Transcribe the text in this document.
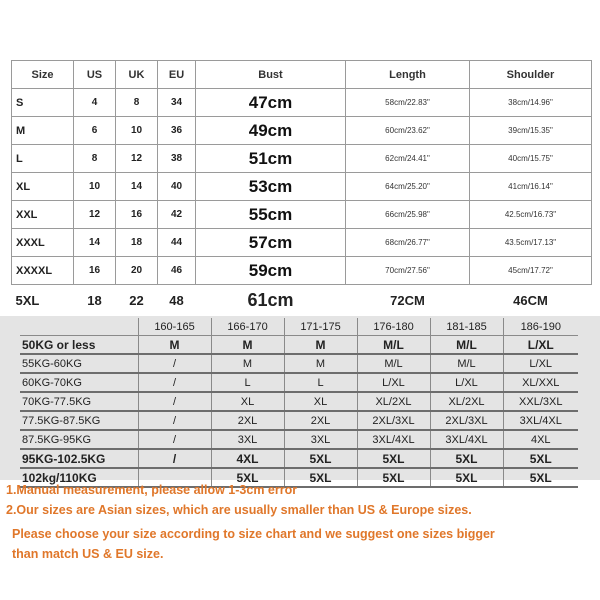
Size	US	UK	EU	Bust	Length	Shoulder
S	4	8	34	47cm	58cm/22.83"	38cm/14.96"
M	6	10	36	49cm	60cm/23.62"	39cm/15.35"
L	8	12	38	51cm	62cm/24.41"	40cm/15.75"
XL	10	14	40	53cm	64cm/25.20"	41cm/16.14"
XXL	12	16	42	55cm	66cm/25.98"	42.5cm/16.73"
XXXL	14	18	44	57cm	68cm/26.77"	43.5cm/17.13"
XXXXL	16	20	46	59cm	70cm/27.56"	45cm/17.72"
5XL	18	22	48	61cm	72CM	46CM
	160-165	166-170	171-175	176-180	181-185	186-190
50KG or less	M	M	M	M/L	M/L	L/XL
55KG-60KG	/	M	M	M/L	M/L	L/XL
60KG-70KG	/	L	L	L/XL	L/XL	XL/XXL
70KG-77.5KG	/	XL	XL	XL/2XL	XL/2XL	XXL/3XL
77.5KG-87.5KG	/	2XL	2XL	2XL/3XL	2XL/3XL	3XL/4XL
87.5KG-95KG	/	3XL	3XL	3XL/4XL	3XL/4XL	4XL
95KG-102.5KG	/	4XL	5XL	5XL	5XL	5XL
102kg/110KG		5XL	5XL	5XL	5XL	5XL
1.Manual measurement, please allow 1-3cm error
2.Our sizes are Asian sizes, which are usually smaller than US & Europe sizes.
Please choose your size according to size chart and we suggest one sizes bigger
than match US & EU size.
